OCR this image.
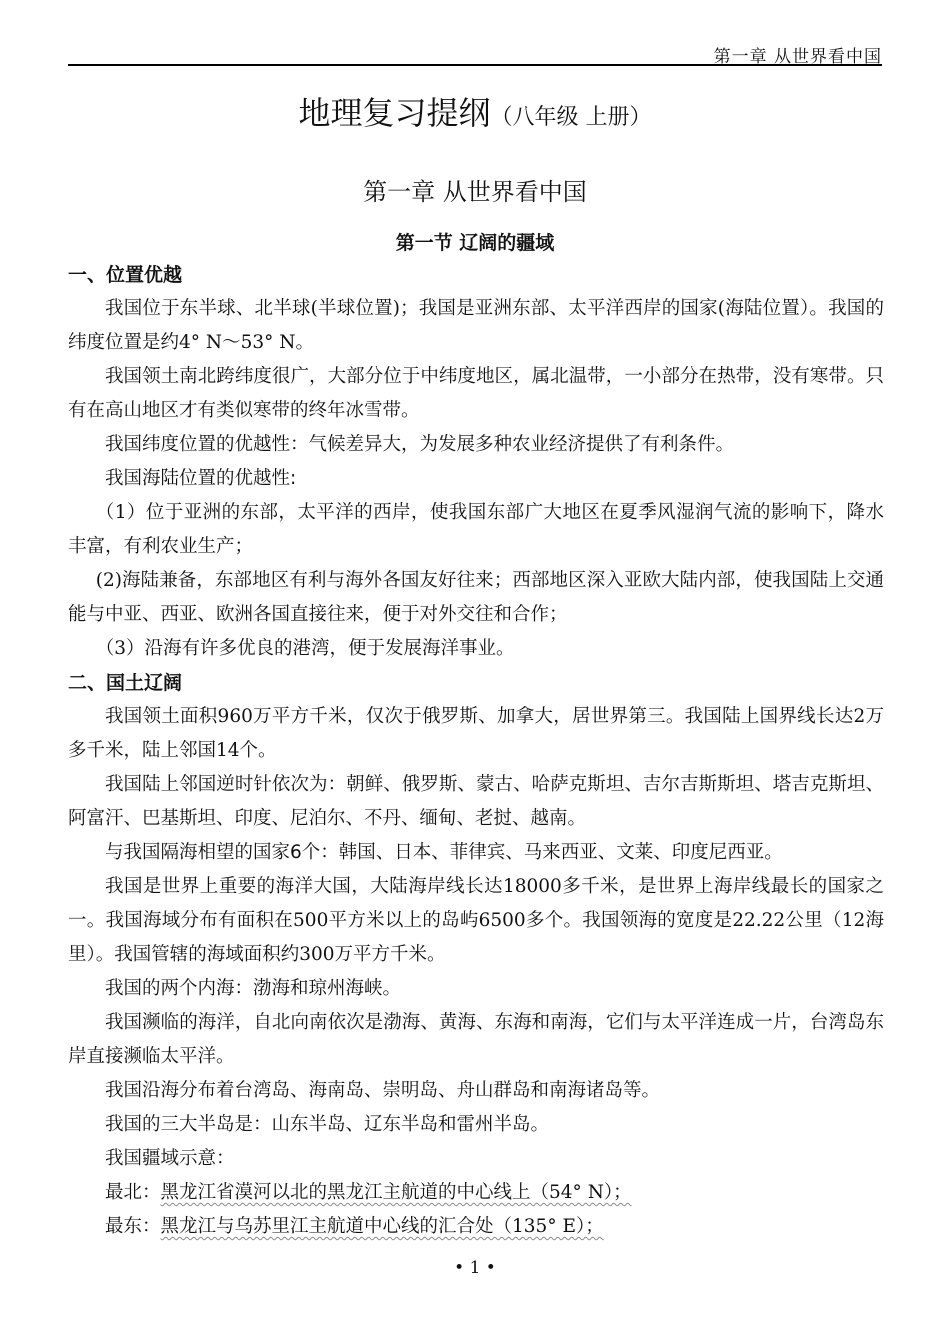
第一章 从世界看中国
地理复习提纲（八年级 上册）
第一章 从世界看中国
第一节 辽阔的疆域

一、位置优越

我国位于东半球、北半球(半球位置)；我国是亚洲东部、太平洋西岸的国家(海陆位置）。我国的纬度位置是约4° N～53° N。

我国领土南北跨纬度很广，大部分位于中纬度地区，属北温带，一小部分在热带，没有寒带。只有在高山地区才有类似寒带的终年冰雪带。

我国纬度位置的优越性：气候差异大，为发展多种农业经济提供了有利条件。

我国海陆位置的优越性:

（1）位于亚洲的东部，太平洋的西岸，使我国东部广大地区在夏季风湿润气流的影响下，降水丰富，有利农业生产；

(2)海陆兼备，东部地区有利与海外各国友好往来；西部地区深入亚欧大陆内部，使我国陆上交通能与中亚、西亚、欧洲各国直接往来，便于对外交往和合作；

（3）沿海有许多优良的港湾，便于发展海洋事业。

二、国土辽阔

我国领土面积960万平方千米，仅次于俄罗斯、加拿大，居世界第三。我国陆上国界线长达2万多千米，陆上邻国14个。

我国陆上邻国逆时针依次为：朝鲜、俄罗斯、蒙古、哈萨克斯坦、吉尔吉斯斯坦、塔吉克斯坦、阿富汗、巴基斯坦、印度、尼泊尔、不丹、缅甸、老挝、越南。

与我国隔海相望的国家6个：韩国、日本、菲律宾、马来西亚、文莱、印度尼西亚。

我国是世界上重要的海洋大国，大陆海岸线长达18000多千米，是世界上海岸线最长的国家之一。我国海域分布有面积在500平方米以上的岛屿6500多个。我国领海的宽度是22.22公里（12海里）。我国管辖的海域面积约300万平方千米。

我国的两个内海：渤海和琼州海峡。

我国濒临的海洋，自北向南依次是渤海、黄海、东海和南海，它们与太平洋连成一片，台湾岛东岸直接濒临太平洋。

我国沿海分布着台湾岛、海南岛、崇明岛、舟山群岛和南海诸岛等。

我国的三大半岛是：山东半岛、辽东半岛和雷州半岛。

我国疆域示意：

最北：黑龙江省漠河以北的黑龙江主航道的中心线上（54° N）；

最东：黑龙江与乌苏里江主航道中心线的汇合处（135° E）；

• 1 •
